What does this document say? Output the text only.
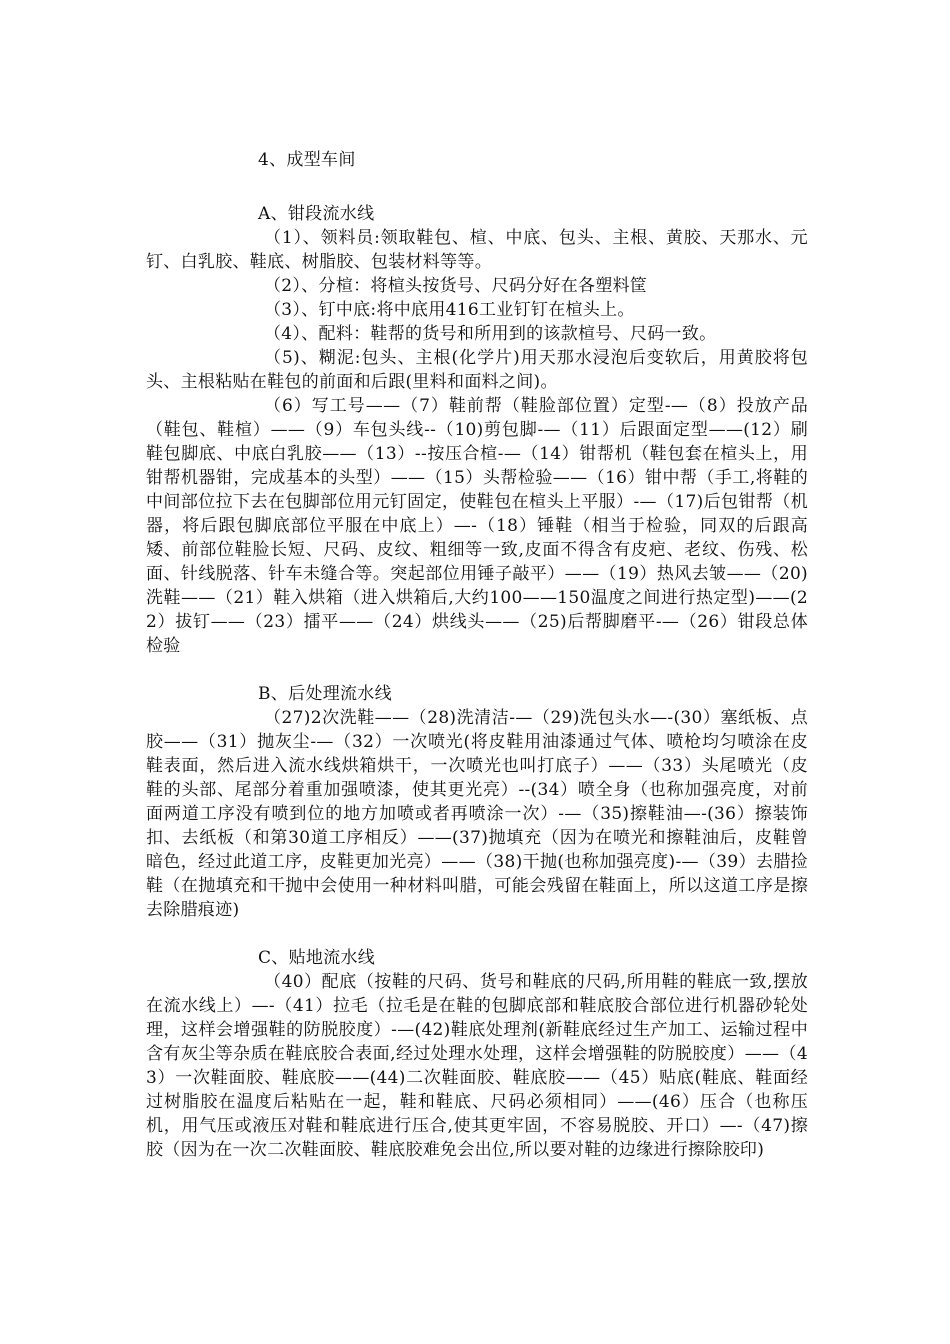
4、成型车间

A、钳段流水线

（1）、领料员:领取鞋包、楦、中底、包头、主根、黄胶、天那水、元钉、白乳胶、鞋底、树脂胶、包装材料等等。

（2）、分楦：将楦头按货号、尺码分好在各塑料筐

（3）、钉中底:将中底用416工业钉钉在楦头上。

（4）、配料：鞋帮的货号和所用到的该款楦号、尺码一致。

（5)、糊泥:包头、主根(化学片)用天那水浸泡后变软后，用黄胶将包头、主根粘贴在鞋包的前面和后跟(里料和面料之间)。

（6）写工号——（7）鞋前帮（鞋脸部位置）定型-—（8）投放产品（鞋包、鞋楦）——（9）车包头线--（10)剪包脚-—（11）后跟面定型——(12）刷鞋包脚底、中底白乳胶——（13）--按压合楦-—（14）钳帮机（鞋包套在楦头上，用钳帮机器钳，完成基本的头型）——（15）头帮检验——（16）钳中帮（手工,将鞋的中间部位拉下去在包脚部位用元钉固定，使鞋包在楦头上平服）-—（17)后包钳帮（机器，将后跟包脚底部位平服在中底上）—-（18）锤鞋（相当于检验，同双的后跟高矮、前部位鞋脸长短、尺码、皮纹、粗细等一致,皮面不得含有皮疤、老纹、伤残、松面、针线脱落、针车未缝合等。突起部位用锤子敲平）——（19）热风去皱——（20)洗鞋——（21）鞋入烘箱（进入烘箱后,大约100——150温度之间进行热定型)——(22）拔钉——（23）擂平——（24）烘线头——（25)后帮脚磨平-—（26）钳段总体检验

B、后处理流水线

（27)2次洗鞋——（28)洗清洁-—（29)洗包头水—-(30）塞纸板、点胶——（31）抛灰尘-—（32）一次喷光(将皮鞋用油漆通过气体、喷枪均匀喷涂在皮鞋表面，然后进入流水线烘箱烘干，一次喷光也叫打底子）——（33）头尾喷光（皮鞋的头部、尾部分着重加强喷漆，使其更光亮）--(34）喷全身（也称加强亮度，对前面两道工序没有喷到位的地方加喷或者再喷涂一次）-—（35)擦鞋油—-(36）擦装饰扣、去纸板（和第30道工序相反）——(37)抛填充（因为在喷光和擦鞋油后，皮鞋曾暗色，经过此道工序，皮鞋更加光亮）——（38)干抛(也称加强亮度)-—（39）去腊捡鞋（在抛填充和干抛中会使用一种材料叫腊，可能会残留在鞋面上，所以这道工序是擦去除腊痕迹)

C、贴地流水线

（40）配底（按鞋的尺码、货号和鞋底的尺码,所用鞋的鞋底一致,摆放在流水线上）—-（41）拉毛（拉毛是在鞋的包脚底部和鞋底胶合部位进行机器砂轮处理，这样会增强鞋的防脱胶度）-—(42)鞋底处理剂(新鞋底经过生产加工、运输过程中含有灰尘等杂质在鞋底胶合表面,经过处理水处理，这样会增强鞋的防脱胶度）——（43）一次鞋面胶、鞋底胶——(44)二次鞋面胶、鞋底胶——（45）贴底(鞋底、鞋面经过树脂胶在温度后粘贴在一起，鞋和鞋底、尺码必须相同）——(46）压合（也称压机，用气压或液压对鞋和鞋底进行压合,使其更牢固，不容易脱胶、开口）—-（47)擦胶（因为在一次二次鞋面胶、鞋底胶难免会出位,所以要对鞋的边缘进行擦除胶印)
